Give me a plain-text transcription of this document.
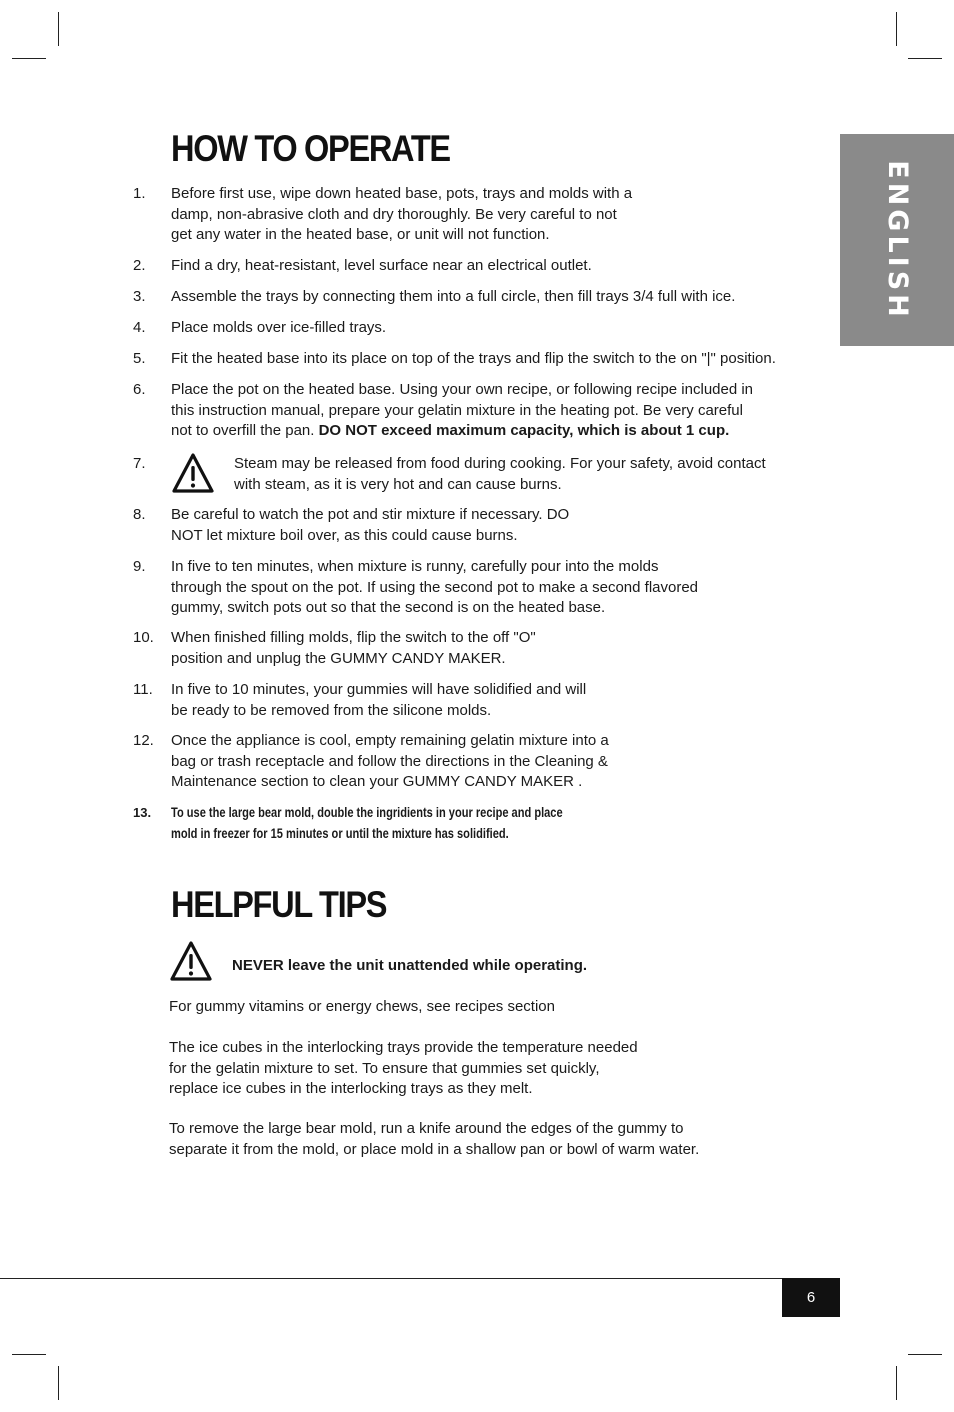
ENGLISH
HOW TO OPERATE
1. Before first use, wipe down heated base, pots, trays and molds with a

damp, non-abrasive cloth and dry thoroughly. Be very careful to not

get any water in the heated base, or unit will not function.

2. Find a dry, heat-resistant, level surface near an electrical outlet.

3. Assemble the trays by connecting them into a full circle, then fill trays 3/4 full with ice.

4. Place molds over ice-filled trays.

5. Fit the heated base into its place on top of the trays and flip the switch to the on "|" position.

6. Place the pot on the heated base. Using your own recipe, or following recipe included in

this instruction manual, prepare your gelatin mixture in the heating pot. Be very careful

not to overfill the pan. DO NOT exceed maximum capacity, which is about 1 cup.

7.	Steam may be released from food during cooking. For your safety, avoid contact

with steam, as it is very hot and can cause burns.

8. Be careful to watch the pot and stir mixture if necessary. DO

NOT let mixture boil over, as this could cause burns.

9. In five to ten minutes, when mixture is runny, carefully pour into the molds

through the spout on the pot. If using the second pot to make a second flavored

gummy, switch pots out so that the second is on the heated base.

10. When finished filling molds, flip the switch to the off "O"

position and unplug the GUMMY CANDY MAKER.

11. In five to 10 minutes, your gummies will have solidified and will

be ready to be removed from the silicone molds.

12. Once the appliance is cool, empty remaining gelatin mixture into a

bag or trash receptacle and follow the directions in the Cleaning &

Maintenance section to clean your GUMMY CANDY MAKER .

13. To use the large bear mold, double the ingridients in your recipe and place

mold in freezer for 15 minutes or until the mixture has solidified.

HELPFUL TIPS

NEVER leave the unit unattended while operating.

For gummy vitamins or energy chews, see recipes section

The ice cubes in the interlocking trays provide the temperature needed

for the gelatin mixture to set. To ensure that gummies set quickly,

replace ice cubes in the interlocking trays as they melt.

To remove the large bear mold, run a knife around the edges of the gummy to

separate it from the mold, or place mold in a shallow pan or bowl of warm water.

6
